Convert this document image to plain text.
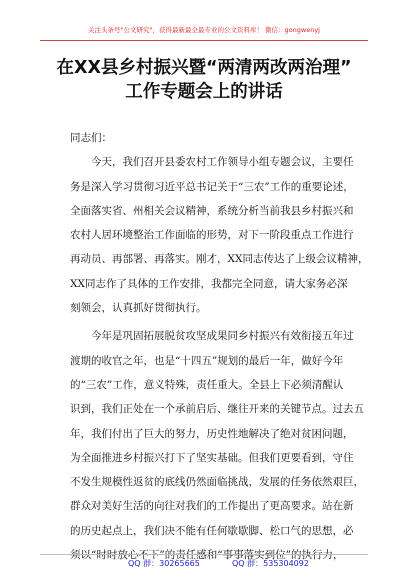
关注头条号"公文研究"，获得最新最全最专业的公文资料库！ 微信：gongwenyj
在XX县乡村振兴暨“两清两改两治理”
工作专题会上的讲话
同志们：
　　今天，我们召开县委农村工作领导小组专题会议，主要任
务是深入学习贯彻习近平总书记关于“三农”工作的重要论述，
全面落实省、州相关会议精神，系统分析当前我县乡村振兴和
农村人居环境整治工作面临的形势，对下一阶段重点工作进行
再动员、再部署、再落实。刚才，XX同志传达了上级会议精神，
XX同志作了具体的工作安排，我都完全同意，请大家务必深
刻领会，认真抓好贯彻执行。
　　今年是巩固拓展脱贫攻坚成果同乡村振兴有效衔接五年过
渡期的收官之年，也是“十四五”规划的最后一年，做好今年
的“三农”工作，意义特殊，责任重大。全县上下必须清醒认
识到，我们正处在一个承前启后、继往开来的关键节点。过去五
年，我们付出了巨大的努力，历史性地解决了绝对贫困问题，
为全面推进乡村振兴打下了坚实基础。但我们更要看到，守住
不发生规模性返贫的底线仍然面临挑战，发展的任务依然艰巨，
群众对美好生活的向往对我们的工作提出了更高要求。站在新
的历史起点上，我们决不能有任何歇歇脚、松口气的思想，必
须以“时时放心不下”的责任感和“事事落实到位”的执行力，
QQ 群：30265665	QQ 群：535304092
